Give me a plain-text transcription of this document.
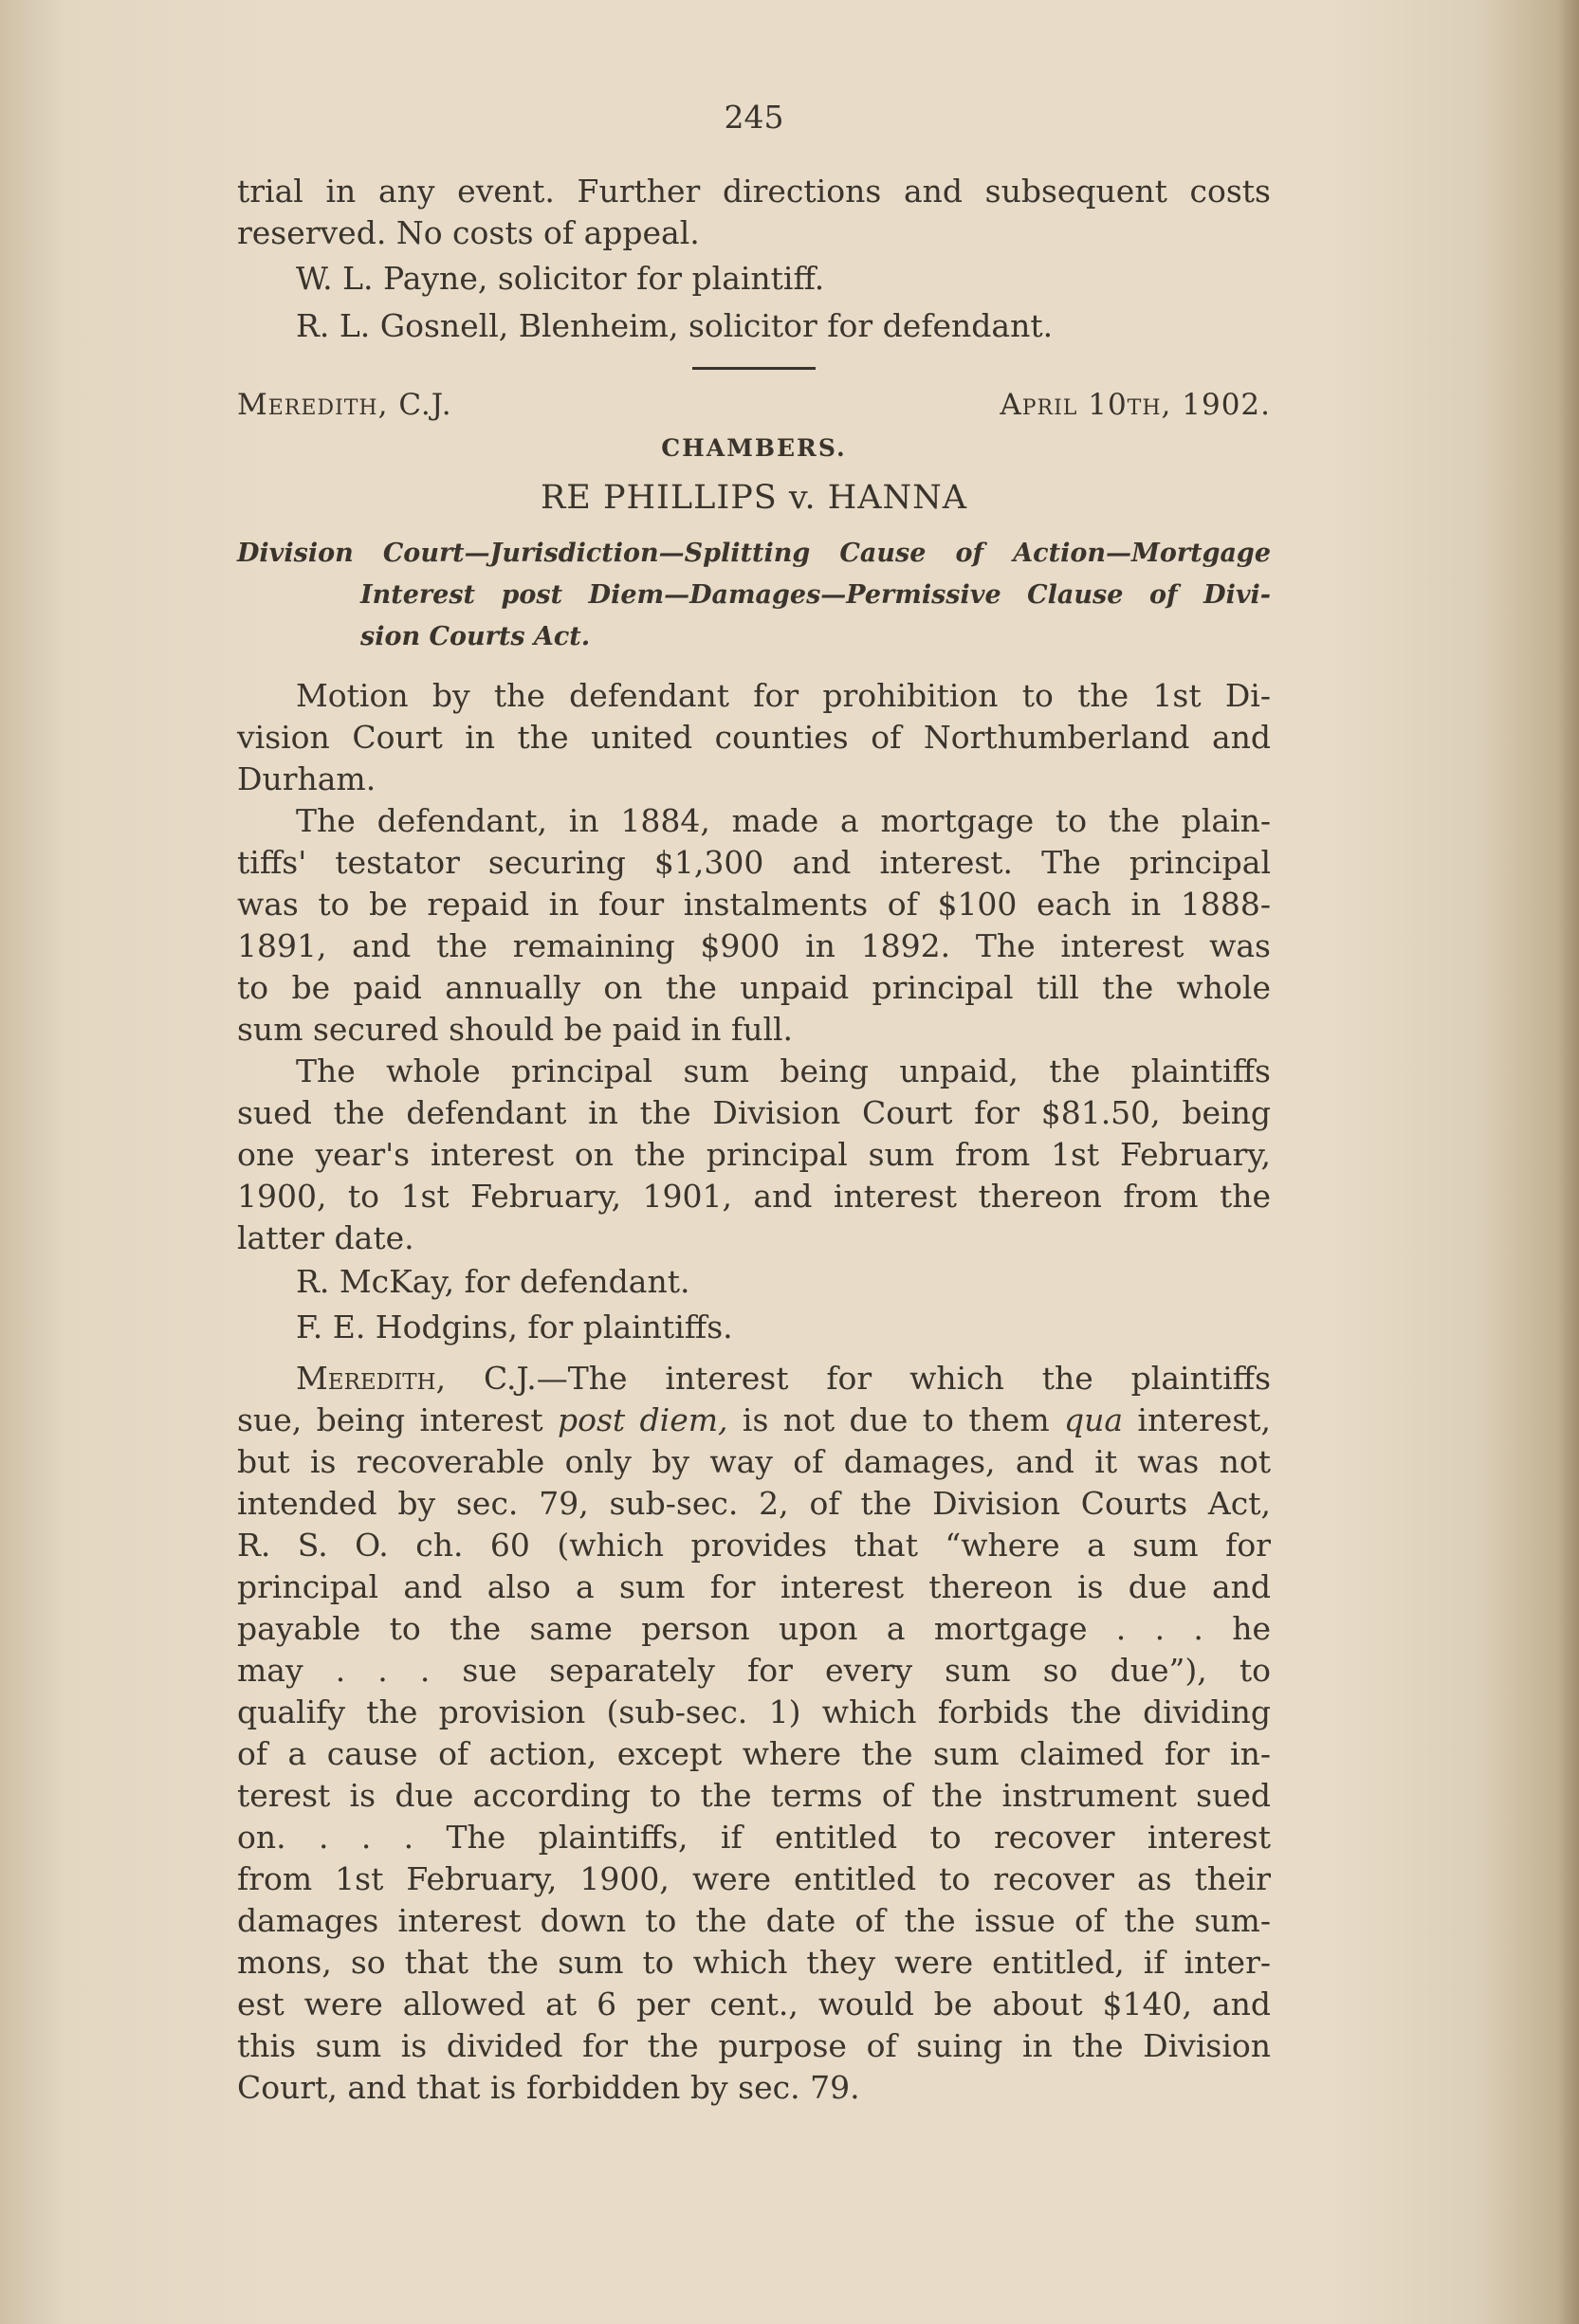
245
trial in any event. Further directions and subsequent costs
reserved. No costs of appeal.
W. L. Payne, solicitor for plaintiff.
R. L. Gosnell, Blenheim, solicitor for defendant.
Meredith, C.J.	April 10th, 1902.
CHAMBERS.
RE PHILLIPS v. HANNA
Division Court—Jurisdiction—Splitting Cause of Action—Mortgage
Interest post Diem—Damages—Permissive Clause of Divi-
sion Courts Act.
Motion by the defendant for prohibition to the 1st Di-
vision Court in the united counties of Northumberland and
Durham.
The defendant, in 1884, made a mortgage to the plain-
tiffs' testator securing $1,300 and interest. The principal
was to be repaid in four instalments of $100 each in 1888-
1891, and the remaining $900 in 1892. The interest was
to be paid annually on the unpaid principal till the whole
sum secured should be paid in full.
The whole principal sum being unpaid, the plaintiffs
sued the defendant in the Division Court for $81.50, being
one year's interest on the principal sum from 1st February,
1900, to 1st February, 1901, and interest thereon from the
latter date.
R. McKay, for defendant.
F. E. Hodgins, for plaintiffs.
Meredith, C.J.—The interest for which the plaintiffs
sue, being interest post diem, is not due to them qua interest,
but is recoverable only by way of damages, and it was not
intended by sec. 79, sub-sec. 2, of the Division Courts Act,
R. S. O. ch. 60 (which provides that “where a sum for
principal and also a sum for interest thereon is due and
payable to the same person upon a mortgage . . . he
may . . . sue separately for every sum so due”), to
qualify the provision (sub-sec. 1) which forbids the dividing
of a cause of action, except where the sum claimed for in-
terest is due according to the terms of the instrument sued
on. . . . The plaintiffs, if entitled to recover interest
from 1st February, 1900, were entitled to recover as their
damages interest down to the date of the issue of the sum-
mons, so that the sum to which they were entitled, if inter-
est were allowed at 6 per cent., would be about $140, and
this sum is divided for the purpose of suing in the Division
Court, and that is forbidden by sec. 79.
